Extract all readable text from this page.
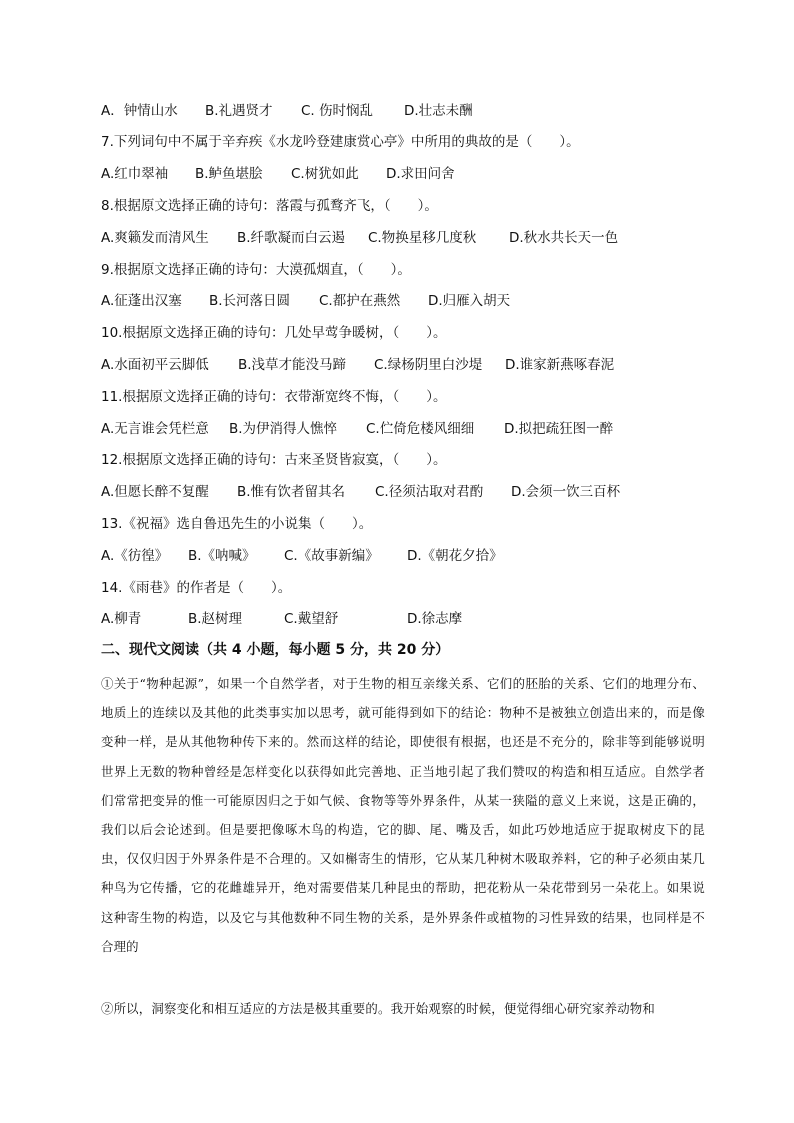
A．钟情山水	B.礼遇贤才	C. 伤时悯乱	D.壮志未酬
7.下列词句中不属于辛弃疾《水龙吟登建康赏心亭》中所用的典故的是（　　）。
A.红巾翠袖	B.鲈鱼堪脍	C.树犹如此	D.求田问舍
8.根据原文选择正确的诗句：落霞与孤鹜齐飞，（　　）。
A.爽籁发而清风生	B.纤歌凝而白云遏	C.物换星移几度秋	D.秋水共长天一色
9.根据原文选择正确的诗句：大漠孤烟直，（　　）。
A.征蓬出汉塞	B.长河落日圆	C.都护在燕然	D.归雁入胡天
10.根据原文选择正确的诗句：几处早莺争暖树，（　　）。
A.水面初平云脚低	B.浅草才能没马蹄	C.绿杨阴里白沙堤	D.谁家新燕啄春泥
11.根据原文选择正确的诗句：衣带渐宽终不悔，（　　）。
A.无言谁会凭栏意	B.为伊消得人憔悴	C.伫倚危楼风细细	D.拟把疏狂图一醉
12.根据原文选择正确的诗句：古来圣贤皆寂寞，（　　）。
A.但愿长醉不复醒	B.惟有饮者留其名	C.径须沽取对君酌	D.会须一饮三百杯
13.《祝福》选自鲁迅先生的小说集（　　）。
A.《彷徨》	B.《呐喊》	C.《故事新编》	D.《朝花夕拾》
14.《雨巷》的作者是（　　）。
A.柳青	B.赵树理	C.戴望舒	D.徐志摩
二、现代文阅读（共 4 小题，每小题 5 分，共 20 分）
①关于“物种起源”，如果一个自然学者，对于生物的相互亲缘关系、它们的胚胎的关系、它们的地理分布、地质上的连续以及其他的此类事实加以思考，就可能得到如下的结论：物种不是被独立创造出来的，而是像变种一样，是从其他物种传下来的。然而这样的结论，即使很有根据，也还是不充分的，除非等到能够说明世界上无数的物种曾经是怎样变化以获得如此完善地、正当地引起了我们赞叹的构造和相互适应。自然学者们常常把变异的惟一可能原因归之于如气候、食物等等外界条件，从某一狭隘的意义上来说，这是正确的，我们以后会论述到。但是要把像啄木鸟的构造，它的脚、尾、嘴及舌，如此巧妙地适应于捉取树皮下的昆虫，仅仅归因于外界条件是不合理的。又如槲寄生的情形，它从某几种树木吸取养料，它的种子必须由某几种鸟为它传播，它的花雌雄异开，绝对需要借某几种昆虫的帮助，把花粉从一朵花带到另一朵花上。如果说这种寄生物的构造，以及它与其他数种不同生物的关系，是外界条件或植物的习性异致的结果，也同样是不合理的
②所以，洞察变化和相互适应的方法是极其重要的。我开始观察的时候，便觉得细心研究家养动物和
